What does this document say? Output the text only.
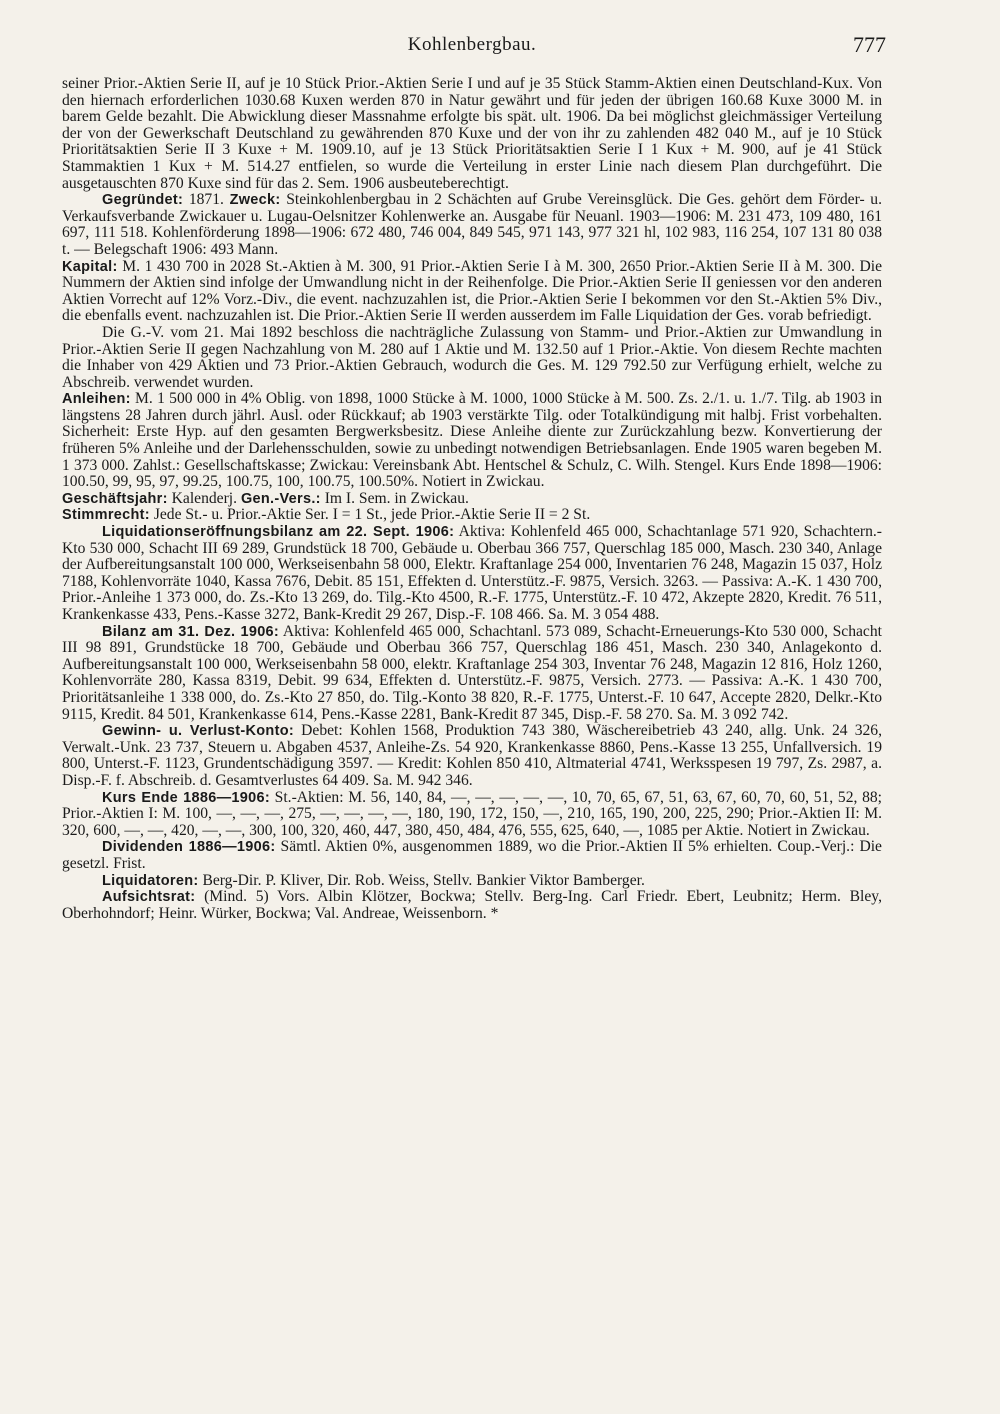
Kohlenbergbau.	777

seiner Prior.-Aktien Serie II, auf je 10 Stück Prior.-Aktien Serie I und auf je 35 Stück Stamm-Aktien einen Deutschland-Kux. Von den hiernach erforderlichen 1030.68 Kuxen werden 870 in Natur gewährt und für jeden der übrigen 160.68 Kuxe 3000 M. in barem Gelde bezahlt. Die Abwicklung dieser Massnahme erfolgte bis spät. ult. 1906. Da bei möglichst gleichmässiger Verteilung der von der Gewerkschaft Deutschland zu gewährenden 870 Kuxe und der von ihr zu zahlenden 482 040 M., auf je 10 Stück Prioritätsaktien Serie II 3 Kuxe + M. 1909.10, auf je 13 Stück Prioritätsaktien Serie I 1 Kux + M. 900, auf je 41 Stück Stammaktien 1 Kux + M. 514.27 entfielen, so wurde die Verteilung in erster Linie nach diesem Plan durchgeführt. Die ausgetauschten 870 Kuxe sind für das 2. Sem. 1906 ausbeuteberechtigt.

Gegründet: 1871. Zweck: Steinkohlenbergbau in 2 Schächten auf Grube Vereinsglück. Die Ges. gehört dem Förder- u. Verkaufsverbande Zwickauer u. Lugau-Oelsnitzer Kohlenwerke an. Ausgabe für Neuanl. 1903—1906: M. 231 473, 109 480, 161 697, 111 518. Kohlenförderung 1898—1906: 672 480, 746 004, 849 545, 971 143, 977 321 hl, 102 983, 116 254, 107 131 80 038 t. — Belegschaft 1906: 493 Mann.

Kapital: M. 1 430 700 in 2028 St.-Aktien à M. 300, 91 Prior.-Aktien Serie I à M. 300, 2650 Prior.-Aktien Serie II à M. 300. Die Nummern der Aktien sind infolge der Umwandlung nicht in der Reihenfolge. Die Prior.-Aktien Serie II geniessen vor den anderen Aktien Vorrecht auf 12% Vorz.-Div., die event. nachzuzahlen ist, die Prior.-Aktien Serie I bekommen vor den St.-Aktien 5% Div., die ebenfalls event. nachzuzahlen ist. Die Prior.-Aktien Serie II werden ausserdem im Falle Liquidation der Ges. vorab befriedigt.

Die G.-V. vom 21. Mai 1892 beschloss die nachträgliche Zulassung von Stamm- und Prior.-Aktien zur Umwandlung in Prior.-Aktien Serie II gegen Nachzahlung von M. 280 auf 1 Aktie und M. 132.50 auf 1 Prior.-Aktie. Von diesem Rechte machten die Inhaber von 429 Aktien und 73 Prior.-Aktien Gebrauch, wodurch die Ges. M. 129 792.50 zur Verfügung erhielt, welche zu Abschreib. verwendet wurden.

Anleihen: M. 1 500 000 in 4% Oblig. von 1898, 1000 Stücke à M. 1000, 1000 Stücke à M. 500. Zs. 2./1. u. 1./7. Tilg. ab 1903 in längstens 28 Jahren durch jährl. Ausl. oder Rückkauf; ab 1903 verstärkte Tilg. oder Totalkündigung mit halbj. Frist vorbehalten. Sicherheit: Erste Hyp. auf den gesamten Bergwerksbesitz. Diese Anleihe diente zur Zurückzahlung bezw. Konvertierung der früheren 5% Anleihe und der Darlehensschulden, sowie zu unbedingt notwendigen Betriebsanlagen. Ende 1905 waren begeben M. 1 373 000. Zahlst.: Gesellschaftskasse; Zwickau: Vereinsbank Abt. Hentschel & Schulz, C. Wilh. Stengel. Kurs Ende 1898—1906: 100.50, 99, 95, 97, 99.25, 100.75, 100, 100.75, 100.50%. Notiert in Zwickau.

Geschäftsjahr: Kalenderj. Gen.-Vers.: Im I. Sem. in Zwickau.

Stimmrecht: Jede St.- u. Prior.-Aktie Ser. I = 1 St., jede Prior.-Aktie Serie II = 2 St.

Liquidationseröffnungsbilanz am 22. Sept. 1906: Aktiva: Kohlenfeld 465 000, Schachtanlage 571 920, Schachtern.-Kto 530 000, Schacht III 69 289, Grundstück 18 700, Gebäude u. Oberbau 366 757, Querschlag 185 000, Masch. 230 340, Anlage der Aufbereitungsanstalt 100 000, Werkseisenbahn 58 000, Elektr. Kraftanlage 254 000, Inventarien 76 248, Magazin 15 037, Holz 7188, Kohlenvorräte 1040, Kassa 7676, Debit. 85 151, Effekten d. Unterstütz.-F. 9875, Versich. 3263. — Passiva: A.-K. 1 430 700, Prior.-Anleihe 1 373 000, do. Zs.-Kto 13 269, do. Tilg.-Kto 4500, R.-F. 1775, Unterstütz.-F. 10 472, Akzepte 2820, Kredit. 76 511, Krankenkasse 433, Pens.-Kasse 3272, Bank-Kredit 29 267, Disp.-F. 108 466. Sa. M. 3 054 488.

Bilanz am 31. Dez. 1906: Aktiva: Kohlenfeld 465 000, Schachtanl. 573 089, Schacht-Erneuerungs-Kto 530 000, Schacht III 98 891, Grundstücke 18 700, Gebäude und Oberbau 366 757, Querschlag 186 451, Masch. 230 340, Anlagekonto d. Aufbereitungsanstalt 100 000, Werkseisenbahn 58 000, elektr. Kraftanlage 254 303, Inventar 76 248, Magazin 12 816, Holz 1260, Kohlenvorräte 280, Kassa 8319, Debit. 99 634, Effekten d. Unterstütz.-F. 9875, Versich. 2773. — Passiva: A.-K. 1 430 700, Prioritätsanleihe 1 338 000, do. Zs.-Kto 27 850, do. Tilg.-Konto 38 820, R.-F. 1775, Unterst.-F. 10 647, Accepte 2820, Delkr.-Kto 9115, Kredit. 84 501, Krankenkasse 614, Pens.-Kasse 2281, Bank-Kredit 87 345, Disp.-F. 58 270. Sa. M. 3 092 742.

Gewinn- u. Verlust-Konto: Debet: Kohlen 1568, Produktion 743 380, Wäschereibetrieb 43 240, allg. Unk. 24 326, Verwalt.-Unk. 23 737, Steuern u. Abgaben 4537, Anleihe-Zs. 54 920, Krankenkasse 8860, Pens.-Kasse 13 255, Unfallversich. 19 800, Unterst.-F. 1123, Grundentschädigung 3597. — Kredit: Kohlen 850 410, Altmaterial 4741, Werksspesen 19 797, Zs. 2987, a. Disp.-F. f. Abschreib. d. Gesamtverlustes 64 409. Sa. M. 942 346.

Kurs Ende 1886—1906: St.-Aktien: M. 56, 140, 84, —, —, —, —, —, 10, 70, 65, 67, 51, 63, 67, 60, 70, 60, 51, 52, 88; Prior.-Aktien I: M. 100, —, —, —, 275, —, —, —, —, 180, 190, 172, 150, —, 210, 165, 190, 200, 225, 290; Prior.-Aktien II: M. 320, 600, —, —, 420, —, —, 300, 100, 320, 460, 447, 380, 450, 484, 476, 555, 625, 640, —, 1085 per Aktie. Notiert in Zwickau.

Dividenden 1886—1906: Sämtl. Aktien 0%, ausgenommen 1889, wo die Prior.-Aktien II 5% erhielten. Coup.-Verj.: Die gesetzl. Frist.

Liquidatoren: Berg-Dir. P. Kliver, Dir. Rob. Weiss, Stellv. Bankier Viktor Bamberger.

Aufsichtsrat: (Mind. 5) Vors. Albin Klötzer, Bockwa; Stellv. Berg-Ing. Carl Friedr. Ebert, Leubnitz; Herm. Bley, Oberhohndorf; Heinr. Würker, Bockwa; Val. Andreae, Weissenborn. *
